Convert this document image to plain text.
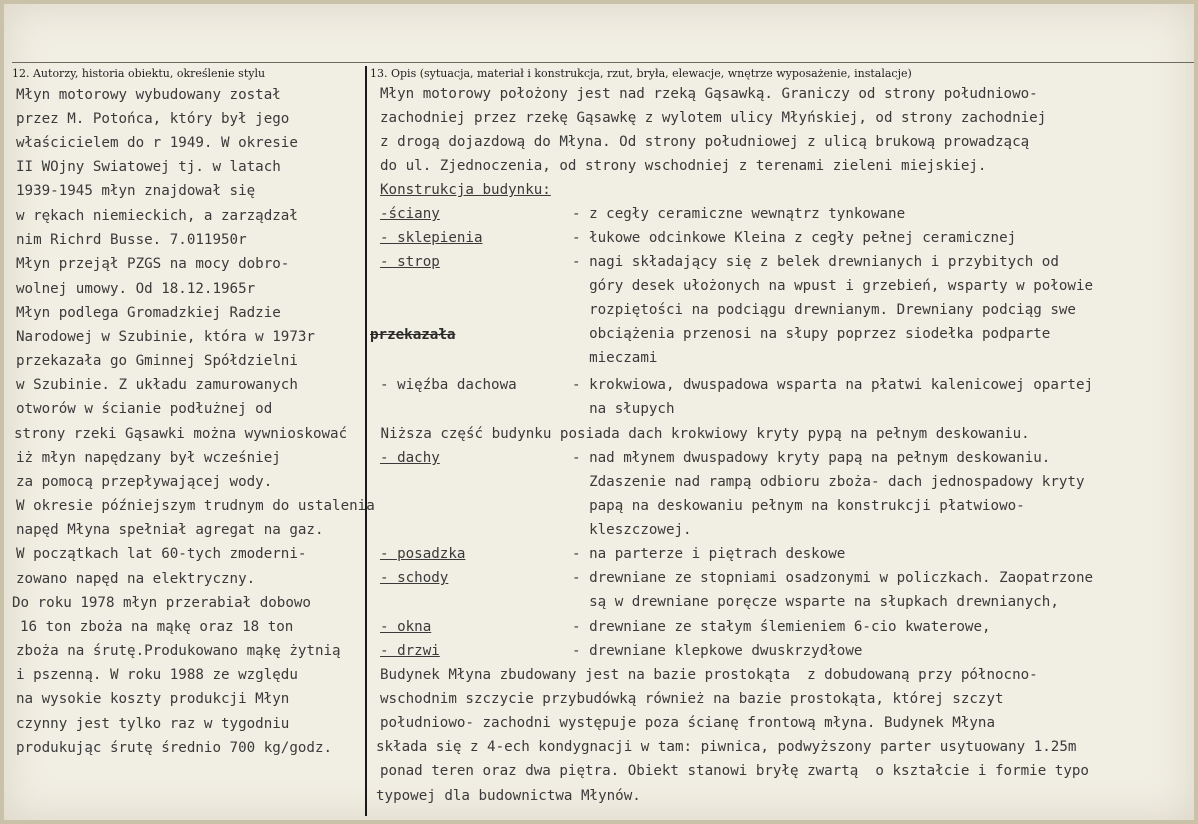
12. Autorzy, historia obiektu, określenie stylu	13. Opis (sytuacja, materiał i konstrukcja, rzut, bryła, elewacje, wnętrze wyposażenie, instalacje)
Młyn motorowy wybudowany został
przez M. Potońca, który był jego
właścicielem do r 1949. W okresie
II WOjny Swiatowej tj. w latach
1939-1945 młyn znajdował się
w rękach niemieckich, a zarządzał
nim Richrd Busse. 7.011950r
Młyn przejął PZGS na mocy dobro-
wolnej umowy. Od 18.12.1965r
Młyn podlega Gromadzkiej Radzie
Narodowej w Szubinie, która w 1973r
przekazała go Gminnej Spółdzielni
w Szubinie. Z układu zamurowanych
otworów w ścianie podłużnej od
strony rzeki Gąsawki można wywnioskować
iż młyn napędzany był wcześniej
za pomocą przepływającej wody.
W okresie późniejszym trudnym do ustalenia
napęd Młyna spełniał agregat na gaz.
W początkach lat 60-tych zmoderni-
zowano napęd na elektryczny.
Do roku 1978 młyn przerabiał dobowo
16 ton zboża na mąkę oraz 18 ton
zboża na śrutę.Produkowano mąkę żytnią
i pszenną. W roku 1988 ze względu
na wysokie koszty produkcji Młyn
czynny jest tylko raz w tygodniu
produkując śrutę średnio 700 kg/godz.
Młyn motorowy położony jest nad rzeką Gąsawką. Graniczy od strony południowo-
zachodniej przez rzekę Gąsawkę z wylotem ulicy Młyńskiej, od strony zachodniej
z drogą dojazdową do Młyna. Od strony południowej z ulicą brukową prowadzącą
do ul. Zjednoczenia, od strony wschodniej z terenami zieleni miejskiej.
Konstrukcja budynku:
-ściany	- z cegły ceramiczne wewnątrz tynkowane
- sklepienia	- łukowe odcinkowe Kleina z cegły pełnej ceramicznej
- strop	- nagi składający się z belek drewnianych i przybitych od
góry desek ułożonych na wpust i grzebień, wsparty w połowie
rozpiętości na podciągu drewnianym. Drewniany podciąg swe
obciążenia przenosi na słupy poprzez siodełka podparte
mieczami
- więźba dachowa	- krokwiowa, dwuspadowa wsparta na płatwi kalenicowej opartej
na słupych
Niższa część budynku posiada dach krokwiowy kryty pypą na pełnym deskowaniu.
- dachy	- nad młynem dwuspadowy kryty papą na pełnym deskowaniu.
Zdaszenie nad rampą odbioru zboża- dach jednospadowy kryty
papą na deskowaniu pełnym na konstrukcji płatwiowo-
kleszczowej.
- posadzka	- na parterze i piętrach deskowe
- schody	- drewniane ze stopniami osadzonymi w policzkach. Zaopatrzone
są w drewniane poręcze wsparte na słupkach drewnianych,
- okna	- drewniane ze stałym ślemieniem 6-cio kwaterowe,
- drzwi	- drewniane klepkowe dwuskrzydłowe
Budynek Młyna zbudowany jest na bazie prostokąta  z dobudowaną przy północno-
wschodnim szczycie przybudówką również na bazie prostokąta, której szczyt
południowo- zachodni występuje poza ścianę frontową młyna. Budynek Młyna
składa się z 4-ech kondygnacji w tam: piwnica, podwyższony parter usytuowany 1.25m
ponad teren oraz dwa piętra. Obiekt stanowi bryłę zwartą  o kształcie i formie typo
typowej dla budownictwa Młynów.
przekazała
